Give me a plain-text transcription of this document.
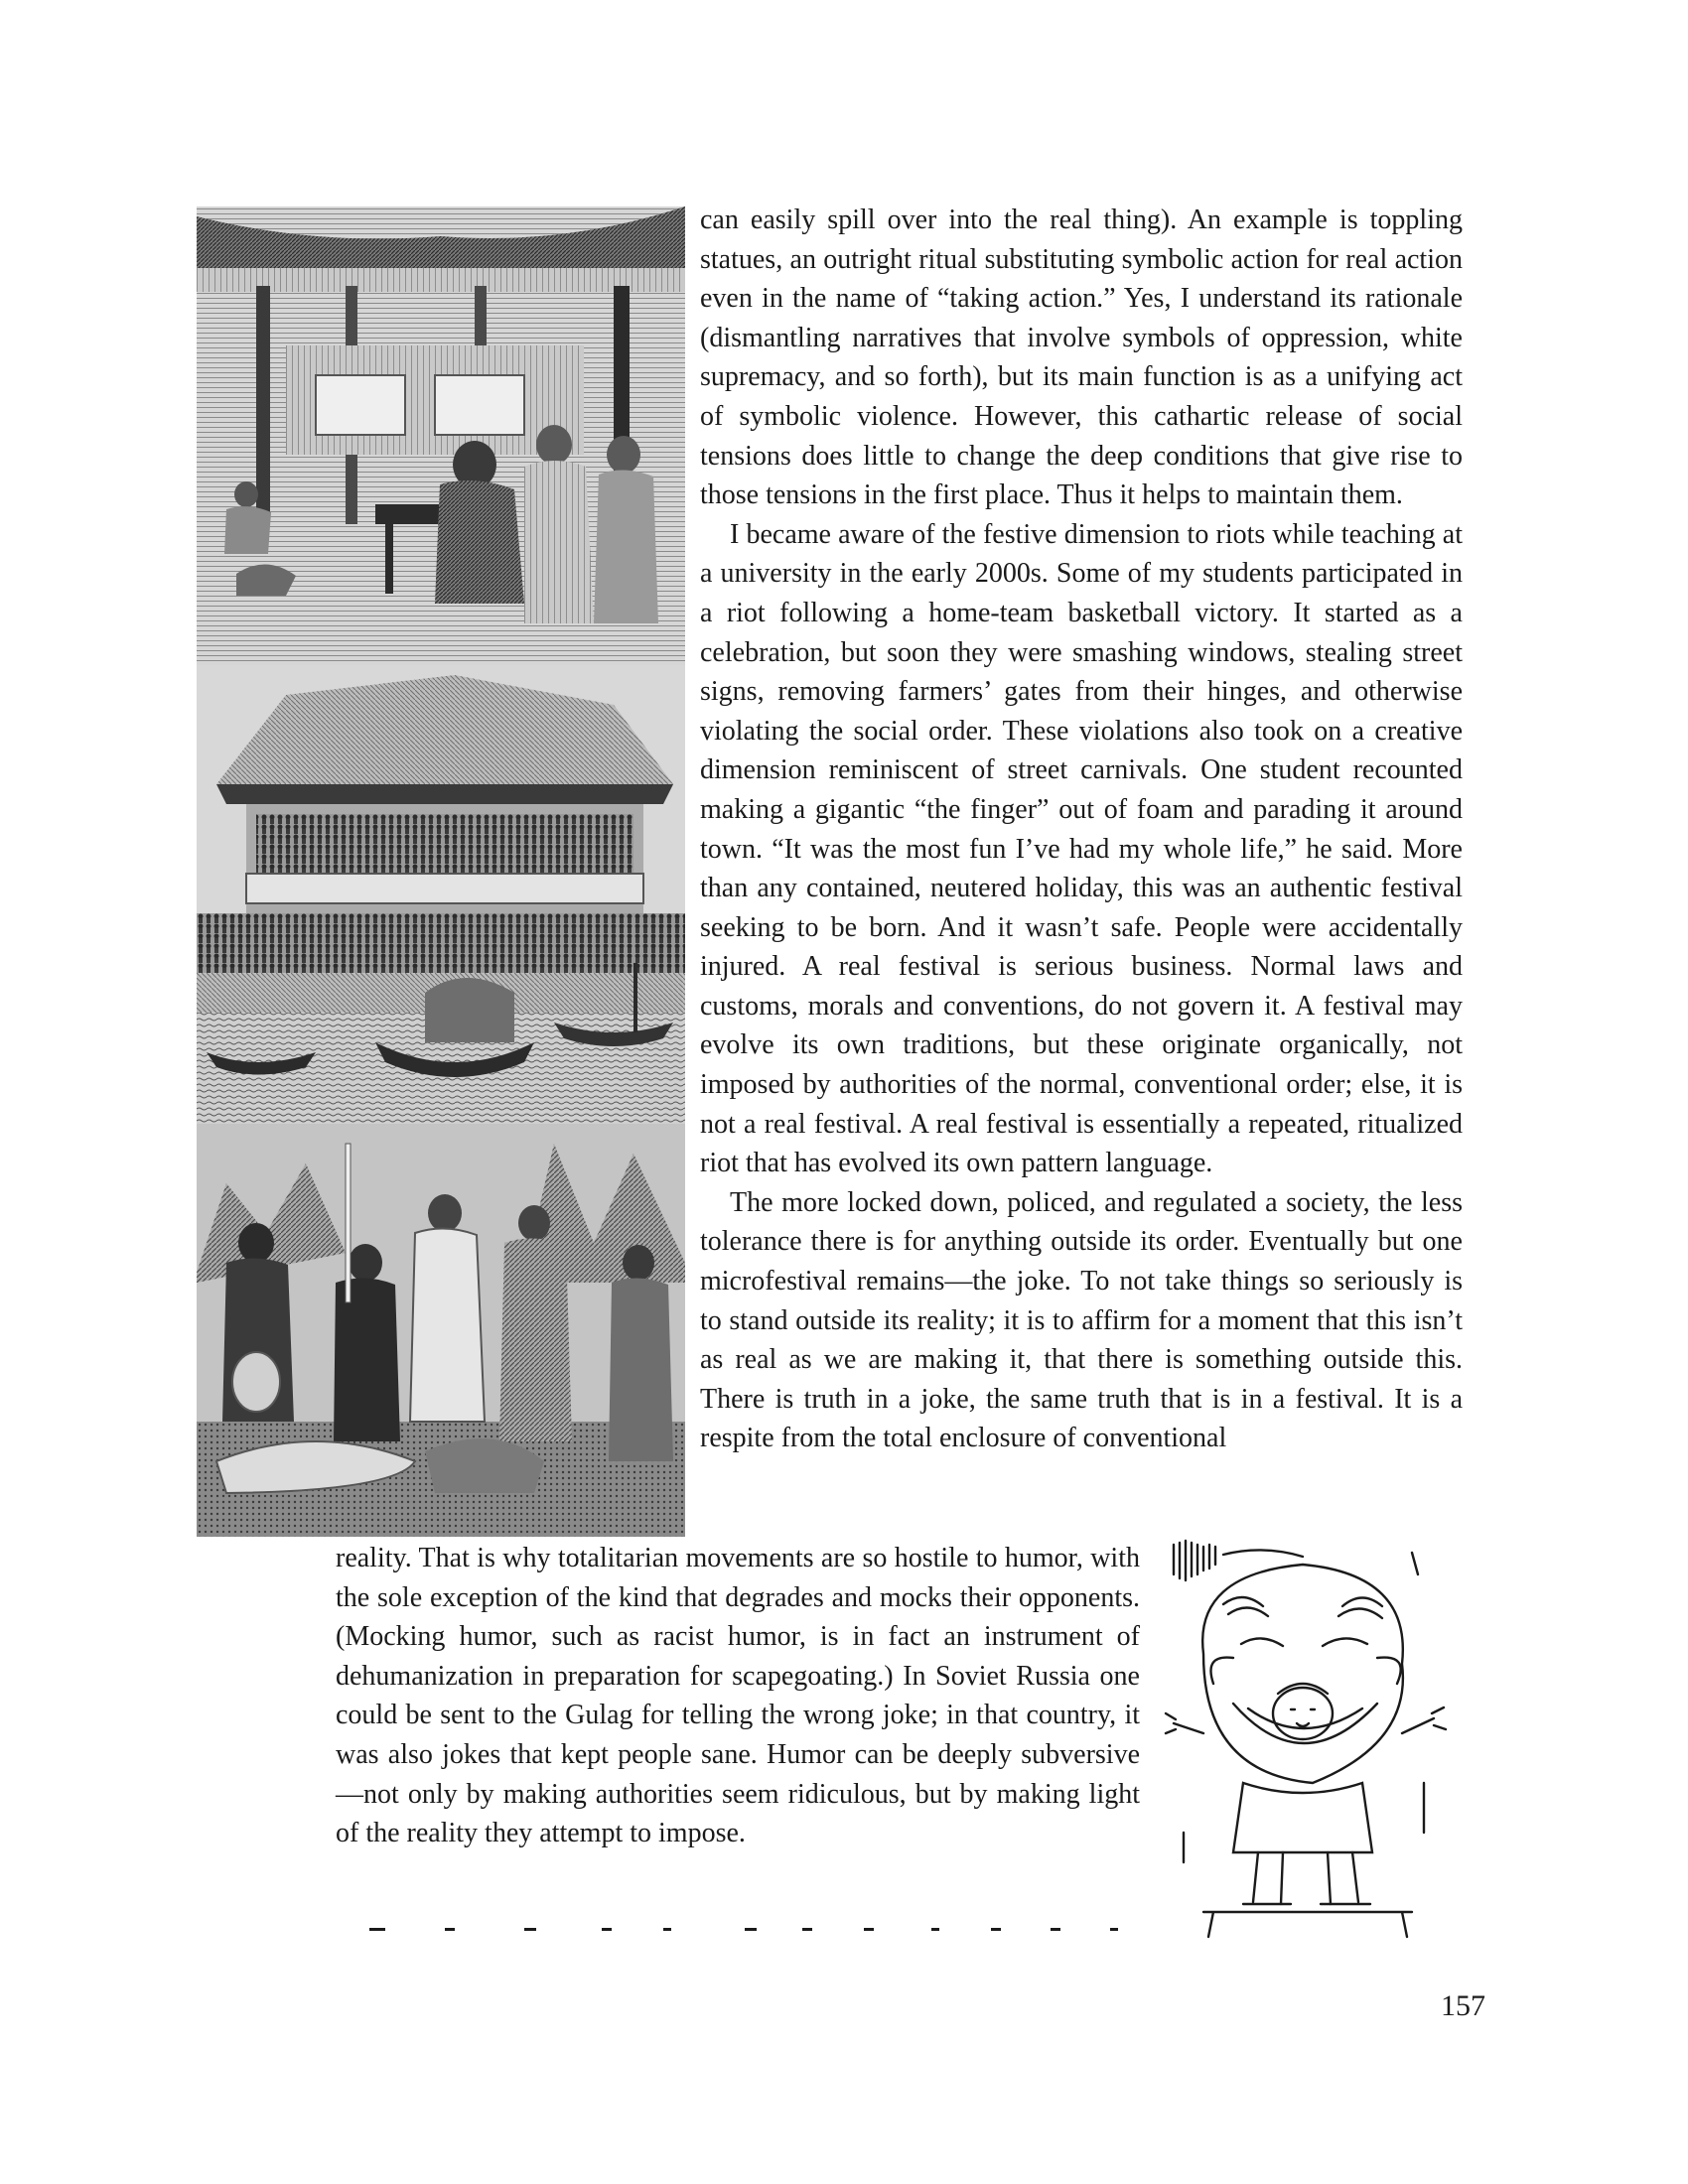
can easily spill over into the real thing). An example is toppling statues, an outright ritual substituting symbolic action for real action even in the name of “taking action.” Yes, I understand its rationale (dismantling narratives that involve symbols of oppression, white supremacy, and so forth), but its main function is as a unifying act of symbolic violence. However, this cathartic release of social tensions does little to change the deep conditions that give rise to those tensions in the first place. Thus it helps to maintain them.

I became aware of the festive dimension to riots while teaching at a university in the early 2000s. Some of my students participated in a riot following a home-team basketball victory. It started as a celebration, but soon they were smashing windows, stealing street signs, removing farmers’ gates from their hinges, and otherwise violating the social order. These violations also took on a creative dimension reminiscent of street carnivals. One student recounted making a gigantic “the finger” out of foam and parading it around town. “It was the most fun I’ve had my whole life,” he said. More than any contained, neutered holiday, this was an authentic festival seeking to be born. And it wasn’t safe. People were accidentally injured. A real festival is serious business. Normal laws and customs, morals and conventions, do not govern it. A festival may evolve its own traditions, but these originate organically, not imposed by authorities of the normal, conventional order; else, it is not a real festival. A real festival is essentially a repeated, ritualized riot that has evolved its own pattern language.

The more locked down, policed, and regulated a society, the less tolerance there is for anything outside its order. Eventually but one microfestival remains—the joke. To not take things so seriously is to stand outside its reality; it is to affirm for a moment that this isn’t as real as we are making it, that there is something outside this. There is truth in a joke, the same truth that is in a festival. It is a respite from the total enclosure of conventional

reality. That is why totalitarian movements are so hostile to humor, with the sole exception of the kind that degrades and mocks their opponents. (Mocking humor, such as racist humor, is in fact an instrument of dehumanization in preparation for scapegoating.) In Soviet Russia one could be sent to the Gulag for telling the wrong joke; in that country, it was also jokes that kept people sane. Humor can be deeply subversive—not only by making authorities seem ridiculous, but by making light of the reality they attempt to impose.

157
